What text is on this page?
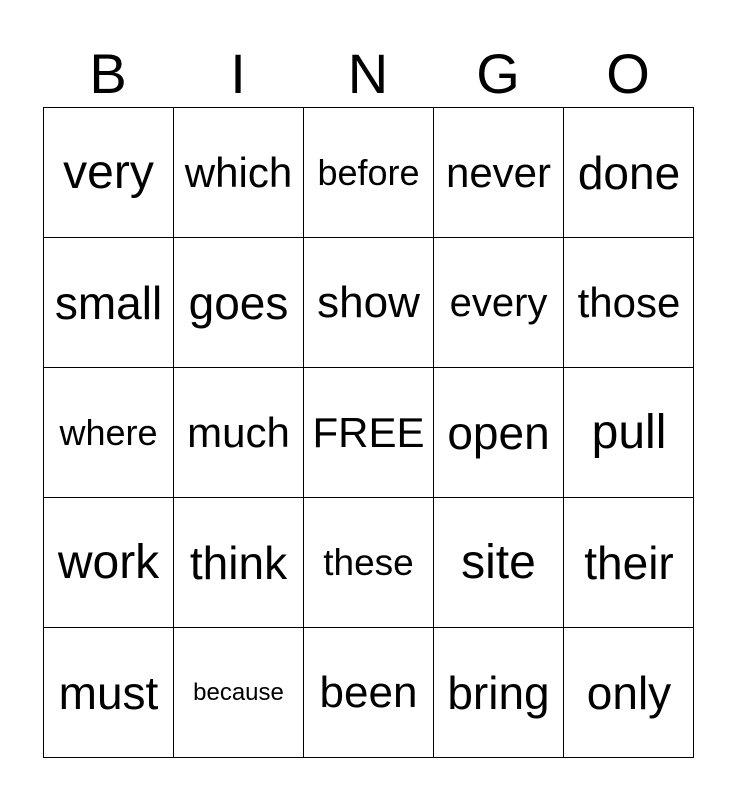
B	I	N	G	O
very which before never done
small goes show every those
where much FREE open pull
work think these site	their
must	because been bring only
